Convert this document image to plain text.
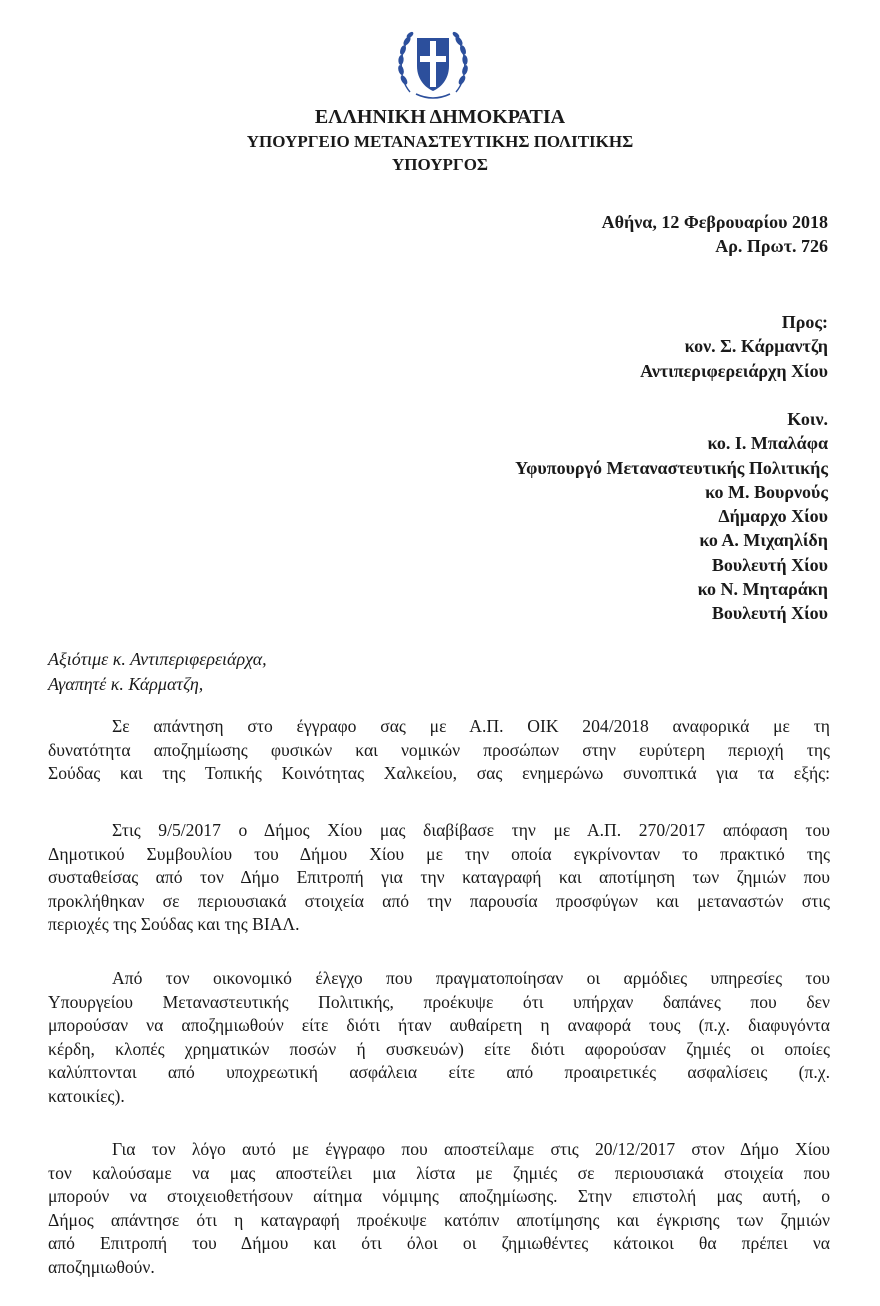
ΕΛΛΗΝΙΚΗ ΔΗΜΟΚΡΑΤΙΑ
ΥΠΟΥΡΓΕΙΟ ΜΕΤΑΝΑΣΤΕΥΤΙΚΗΣ ΠΟΛΙΤΙΚΗΣ
ΥΠΟΥΡΓΟΣ
Αθήνα, 12 Φεβρουαρίου 2018
Αρ. Πρωτ. 726
Προς:
κον. Σ. Κάρμαντζη
Αντιπεριφερειάρχη Χίου
Κοιν.
κο. Ι. Μπαλάφα
Υφυπουργό Μεταναστευτικής Πολιτικής
κο Μ. Βουρνούς
Δήμαρχο Χίου
κο Α. Μιχαηλίδη
Βουλευτή Χίου
κο Ν. Μηταράκη
Βουλευτή Χίου
Αξιότιμε κ. Αντιπεριφερειάρχα,
Αγαπητέ κ. Κάρματζη,
Σε απάντηση στο έγγραφο σας με Α.Π. ΟΙΚ 204/2018 αναφορικά με τη
δυνατότητα αποζημίωσης φυσικών και νομικών προσώπων στην ευρύτερη περιοχή της
Σούδας και της Τοπικής Κοινότητας Χαλκείου, σας ενημερώνω συνοπτικά για τα εξής:
Στις 9/5/2017 ο Δήμος Χίου μας διαβίβασε την με Α.Π. 270/2017 απόφαση του
Δημοτικού Συμβουλίου του Δήμου Χίου με την οποία εγκρίνονταν το πρακτικό της
συσταθείσας από τον Δήμο Επιτροπή για την καταγραφή και αποτίμηση των ζημιών που
προκλήθηκαν σε περιουσιακά στοιχεία από την παρουσία προσφύγων και μεταναστών στις
περιοχές της Σούδας και της ΒΙΑΛ.
Από τον οικονομικό έλεγχο που πραγματοποίησαν οι αρμόδιες υπηρεσίες του
Υπουργείου Μεταναστευτικής Πολιτικής, προέκυψε ότι υπήρχαν δαπάνες που δεν
μπορούσαν να αποζημιωθούν είτε διότι ήταν αυθαίρετη η αναφορά τους (π.χ. διαφυγόντα
κέρδη, κλοπές χρηματικών ποσών ή συσκευών) είτε διότι αφορούσαν ζημιές οι οποίες
καλύπτονται από υποχρεωτική ασφάλεια είτε από προαιρετικές ασφαλίσεις (π.χ.
κατοικίες).
Για τον λόγο αυτό με έγγραφο που αποστείλαμε στις 20/12/2017 στον Δήμο Χίου
τον καλούσαμε να μας αποστείλει μια λίστα με ζημιές σε περιουσιακά στοιχεία που
μπορούν να στοιχειοθετήσουν αίτημα νόμιμης αποζημίωσης. Στην επιστολή μας αυτή, ο
Δήμος απάντησε ότι η καταγραφή προέκυψε κατόπιν αποτίμησης και έγκρισης των ζημιών
από Επιτροπή του Δήμου και ότι όλοι οι ζημιωθέντες κάτοικοι θα πρέπει να
αποζημιωθούν.
